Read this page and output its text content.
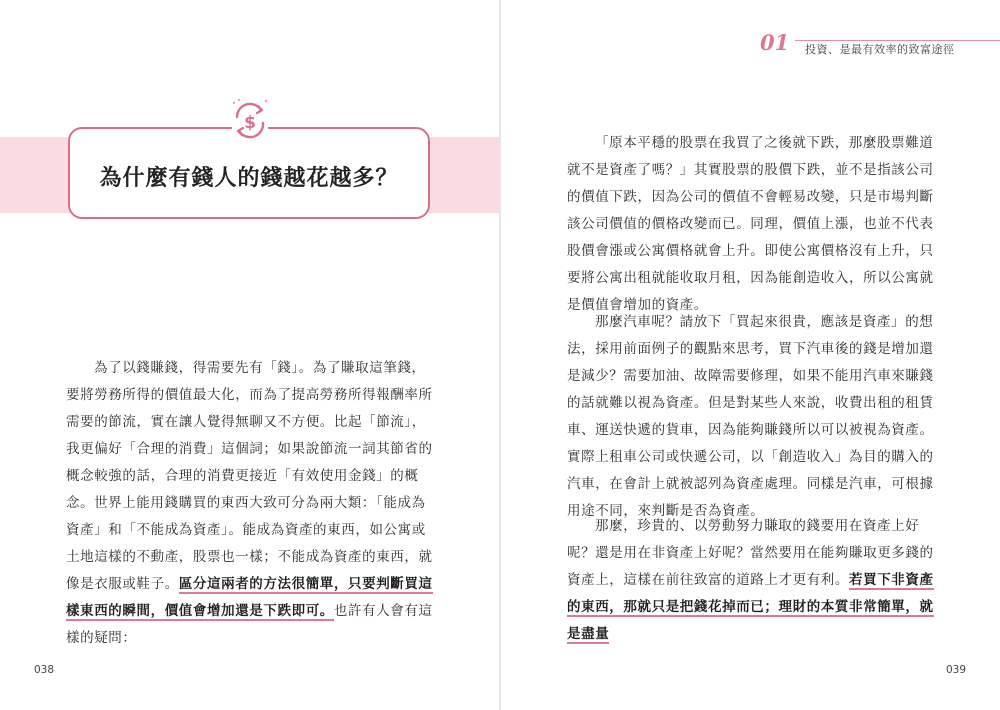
01	投資、是最有效率的致富途徑
$
為什麼有錢人的錢越花越多？

為了以錢賺錢，得需要先有「錢」。為了賺取這筆錢，要將勞務所得的價值最大化，而為了提高勞務所得報酬率所需要的節流，實在讓人覺得無聊又不方便。比起「節流」，我更偏好「合理的消費」這個詞；如果說節流一詞其節省的概念較強的話，合理的消費更接近「有效使用金錢」的概念。 世界上能用錢購買的東西大致可分為兩大類：「能成為資產」和「不能成為資產」。能成為資產的東西，如公寓或土地這樣的不動產，股票也一樣；不能成為資產的東西，就像是衣服或鞋子。區分這兩者的方法很簡單，只要判斷買這樣東西的瞬間，價值會增加還是下跌即可。也許有人會有這樣的疑問：

「原本平穩的股票在我買了之後就下跌，那麼股票難道就不是資產了嗎？」其實股票的股價下跌，並不是指該公司的價值下跌，因為公司的價值不會輕易改變，只是市場判斷該公司價值的價格改變而已。同理，價值上漲，也並不代表股價會漲或公寓價格就會上升。即使公寓價格沒有上升，只要將公寓出租就能收取月租，因為能創造收入，所以公寓就是價值會增加的資產。

那麼汽車呢？請放下「買起來很貴，應該是資產」的想法，採用前面例子的觀點來思考，買下汽車後的錢是增加還是減少？需要加油、故障需要修理，如果不能用汽車來賺錢的話就難以視為資產。但是對某些人來說，收費出租的租賃車、運送快遞的貨車，因為能夠賺錢所以可以被視為資產。實際上租車公司或快遞公司，以「創造收入」為目的購入的汽車，在會計上就被認列為資產處理。同樣是汽車，可根據用途不同，來判斷是否為資產。

那麼，珍貴的、以勞動努力賺取的錢要用在資產上好呢？還是用在非資產上好呢？當然要用在能夠賺取更多錢的資產上，這樣在前往致富的道路上才更有利。若買下非資產的東西，那就只是把錢花掉而已；理財的本質非常簡單，就是盡量

038	039
